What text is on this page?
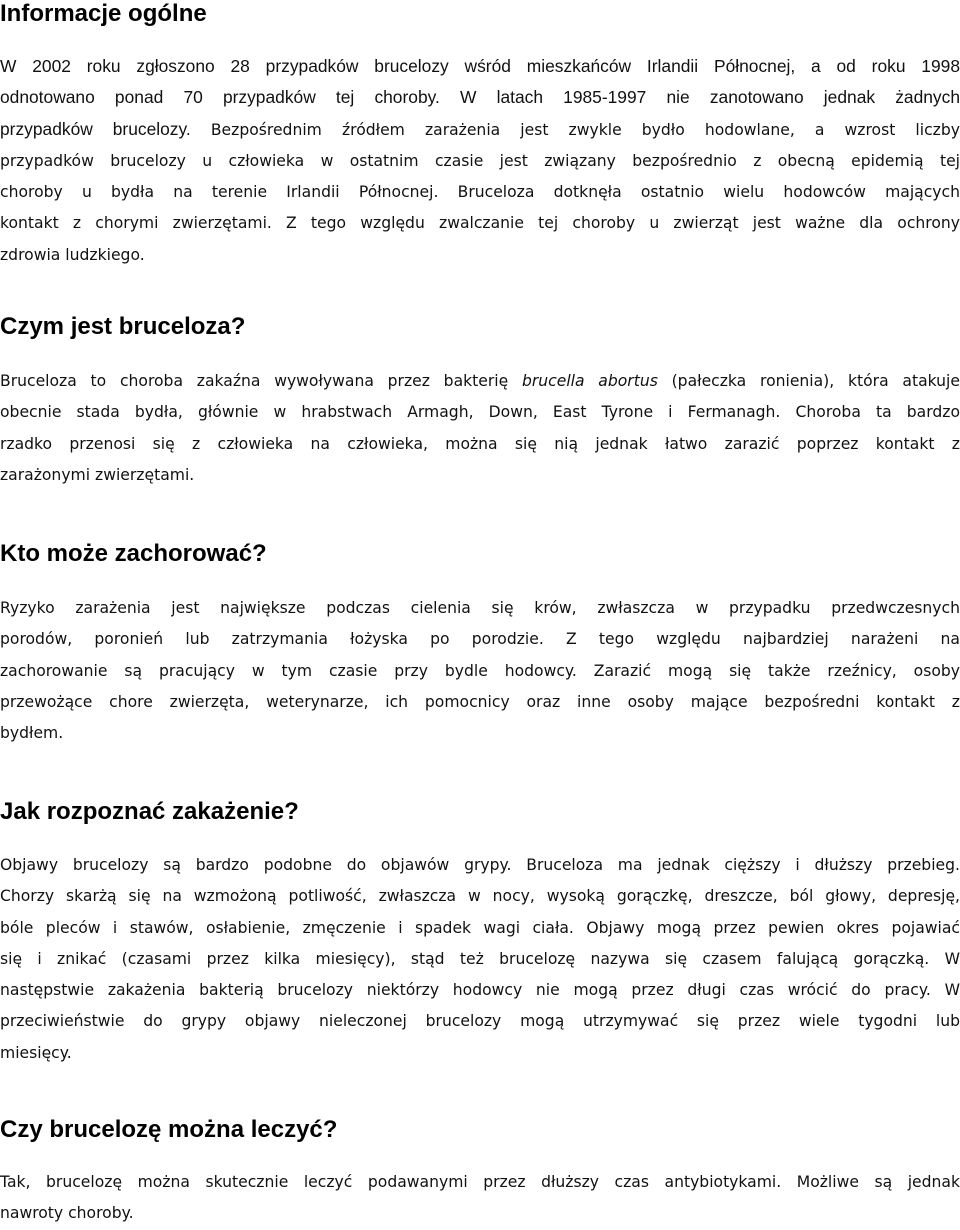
Informacje ogólne
W 2002 roku zgłoszono 28 przypadków brucelozy wśród mieszkańców Irlandii Północnej, a od roku 1998
odnotowano ponad 70 przypadków tej choroby. W latach 1985-1997 nie zanotowano jednak żadnych
przypadków brucelozy. Bezpośrednim źródłem zarażenia jest zwykle bydło hodowlane, a wzrost liczby
przypadków brucelozy u człowieka w ostatnim czasie jest związany bezpośrednio z obecną epidemią tej
choroby u bydła na terenie Irlandii Północnej. Bruceloza dotknęła ostatnio wielu hodowców mających
kontakt z chorymi zwierzętami. Z tego względu zwalczanie tej choroby u zwierząt jest ważne dla ochrony
zdrowia ludzkiego.
Czym jest bruceloza?
Bruceloza to choroba zakaźna wywoływana przez bakterię brucella abortus (pałeczka ronienia), która atakuje
obecnie stada bydła, głównie w hrabstwach Armagh, Down, East Tyrone i Fermanagh. Choroba ta bardzo
rzadko przenosi się z człowieka na człowieka, można się nią jednak łatwo zarazić poprzez kontakt z
zarażonymi zwierzętami.
Kto może zachorować?
Ryzyko zarażenia jest największe podczas cielenia się krów, zwłaszcza w przypadku przedwczesnych
porodów, poronień lub zatrzymania łożyska po porodzie. Z tego względu najbardziej narażeni na
zachorowanie są pracujący w tym czasie przy bydle hodowcy. Zarazić mogą się także rzeźnicy, osoby
przewożące chore zwierzęta, weterynarze, ich pomocnicy oraz inne osoby mające bezpośredni kontakt z
bydłem.
Jak rozpoznać zakażenie?
Objawy brucelozy są bardzo podobne do objawów grypy. Bruceloza ma jednak cięższy i dłuższy przebieg.
Chorzy skarżą się na wzmożoną potliwość, zwłaszcza w nocy, wysoką gorączkę, dreszcze, ból głowy, depresję,
bóle pleców i stawów, osłabienie, zmęczenie i spadek wagi ciała. Objawy mogą przez pewien okres pojawiać
się i znikać (czasami przez kilka miesięcy), stąd też brucelozę nazywa się czasem falującą gorączką. W
następstwie zakażenia bakterią brucelozy niektórzy hodowcy nie mogą przez długi czas wrócić do pracy. W
przeciwieństwie do grypy objawy nieleczonej brucelozy mogą utrzymywać się przez wiele tygodni lub
miesięcy.
Czy brucelozę można leczyć?
Tak, brucelozę można skutecznie leczyć podawanymi przez dłuższy czas antybiotykami. Możliwe są jednak
nawroty choroby.
